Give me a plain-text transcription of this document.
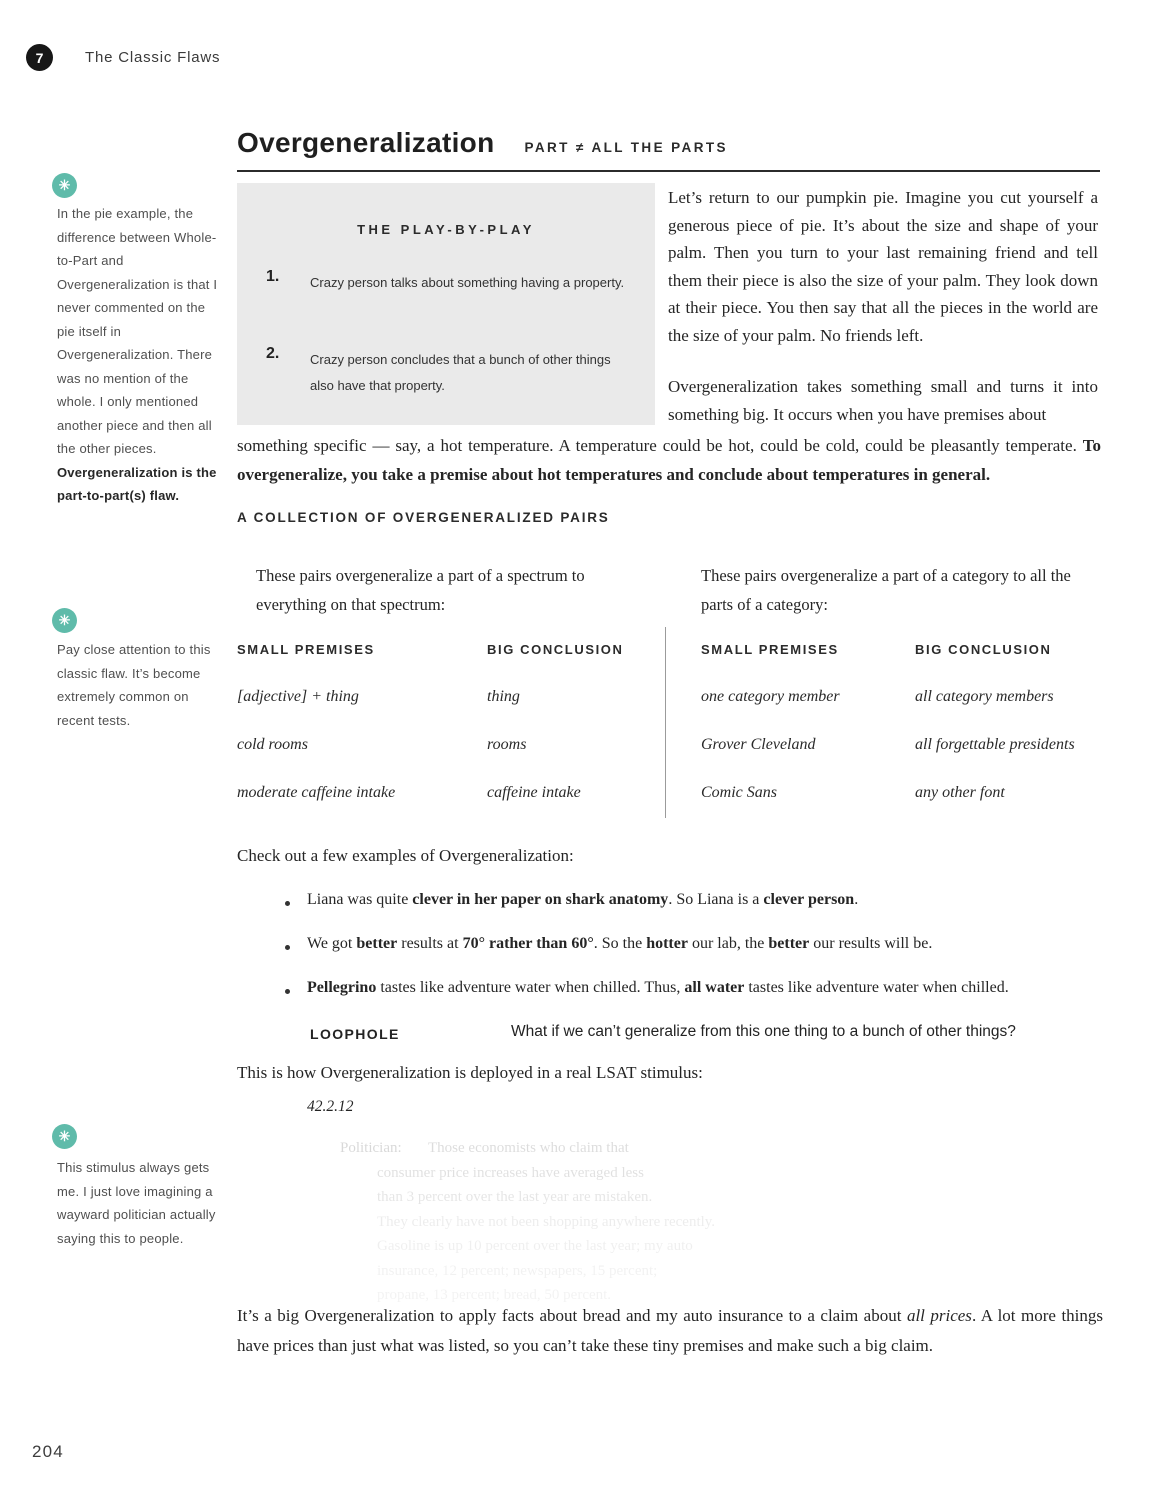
7	The Classic Flaws
Overgeneralization PART ≠ ALL THE PARTS
✳
In the pie example, the difference between Whole-to-Part and Overgeneralization is that I never commented on the pie itself in Overgeneralization. There was no mention of the whole. I only mentioned another piece and then all the other pieces. Overgeneralization is the part-to-part(s) flaw.
✳
Pay close attention to this classic flaw. It’s become extremely common on recent tests.
✳
This stimulus always gets me. I just love imagining a wayward politician actually saying this to people.
THE PLAY-BY-PLAY
1. Crazy person talks about something having a property.
2. Crazy person concludes that a bunch of other things also have that property.

Let’s return to our pumpkin pie. Imagine you cut yourself a generous piece of pie. It’s about the size and shape of your palm. Then you turn to your last remaining friend and tell them their piece is also the size of your palm. They look down at their piece. You then say that all the pieces in the world are the size of your palm. No friends left.

Overgeneralization takes something small and turns it into something big. It occurs when you have premises about

something specific — say, a hot temperature. A temperature could be hot, could be cold, could be pleasantly temperate. To overgeneralize, you take a premise about hot temperatures and conclude about temperatures in general.
A COLLECTION OF OVERGENERALIZED PAIRS
These pairs overgeneralize a part of a spectrum to everything on that spectrum:
These pairs overgeneralize a part of a category to all the parts of a category:
SMALL PREMISES	BIG CONCLUSION
[adjective] + thing	thing
cold rooms	rooms
moderate caffeine intake	caffeine intake
SMALL PREMISES	BIG CONCLUSION
one category member	all category members
Grover Cleveland	all forgettable presidents
Comic Sans	any other font
Check out a few examples of Overgeneralization:
Liana was quite clever in her paper on shark anatomy. So Liana is a clever person.
We got better results at 70° rather than 60°. So the hotter our lab, the better our results will be.
Pellegrino tastes like adventure water when chilled. Thus, all water tastes like adventure water when chilled.
LOOPHOLE	What if we can’t generalize from this one thing to a bunch of other things?
This is how Overgeneralization is deployed in a real LSAT stimulus:
42.2.12
Politician: Those economists who claim that
consumer price increases have averaged less
than 3 percent over the last year are mistaken.
They clearly have not been shopping anywhere recently.
Gasoline is up 10 percent over the last year; my auto
insurance, 12 percent; newspapers, 15 percent;
propane, 13 percent; bread, 50 percent.
It’s a big Overgeneralization to apply facts about bread and my auto insurance to a claim about all prices. A lot more things have prices than just what was listed, so you can’t take these tiny premises and make such a big claim.
204
